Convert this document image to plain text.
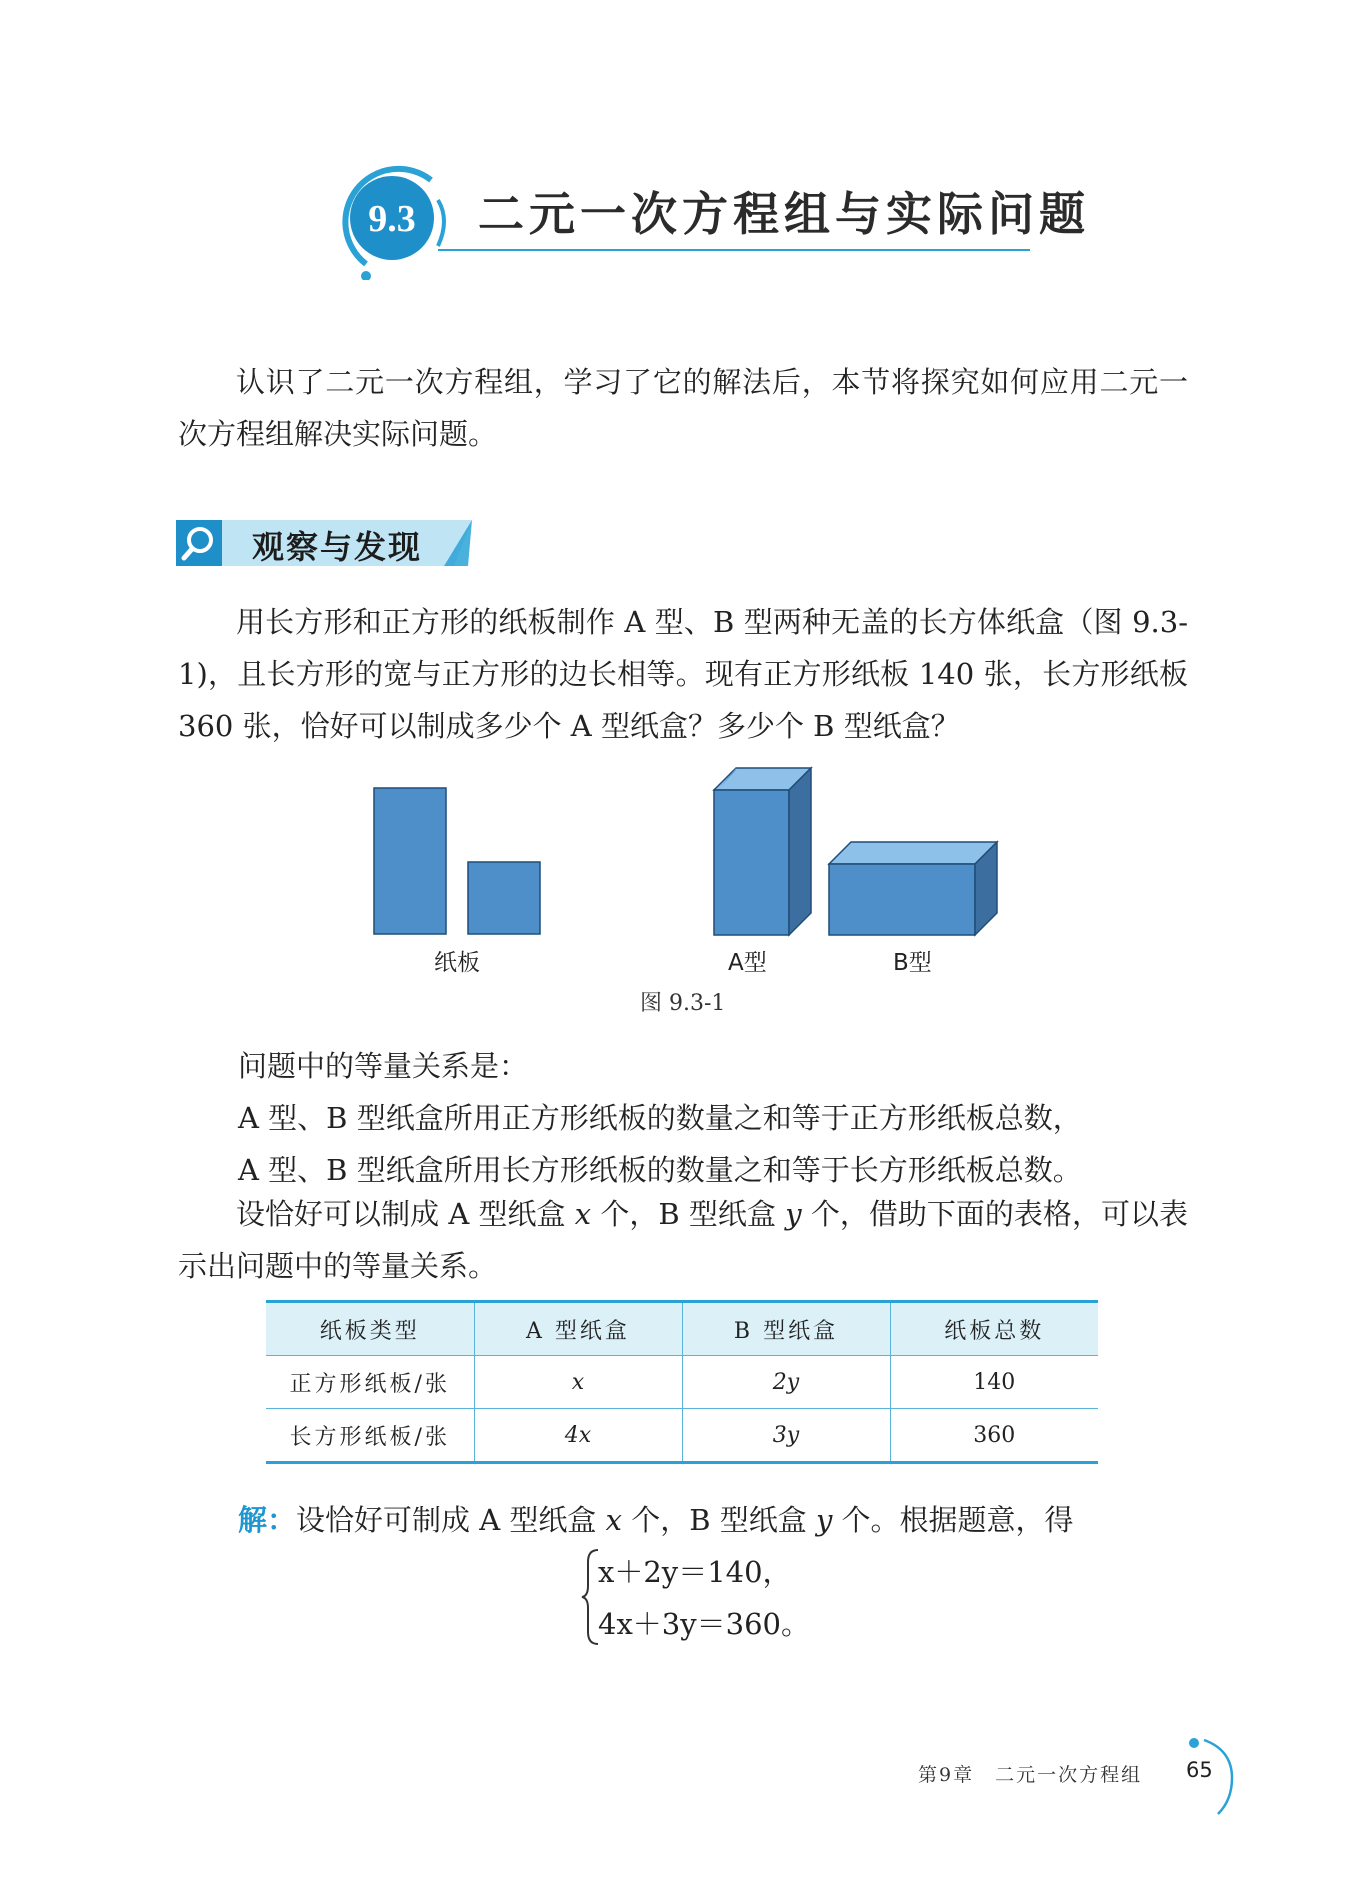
9.3 二元一次方程组与实际问题

认识了二元一次方程组，学习了它的解法后，本节将探究如何应用二元一次方程组解决实际问题。

观察与发现

用长方形和正方形的纸板制作 A 型、B 型两种无盖的长方体纸盒（图 9.3-1)，且长方形的宽与正方形的边长相等。现有正方形纸板 140 张，长方形纸板 360 张，恰好可以制成多少个 A 型纸盒？多少个 B 型纸盒？

纸板	A型	B型
图 9.3-1
问题中的等量关系是：
A 型、B 型纸盒所用正方形纸板的数量之和等于正方形纸板总数，
A 型、B 型纸盒所用长方形纸板的数量之和等于长方形纸板总数。

设恰好可以制成 A 型纸盒 x 个，B 型纸盒 y 个，借助下面的表格，可以表示出问题中的等量关系。

纸板类型	A 型纸盒	B 型纸盒	纸板总数
正方形纸板/张	x	2y	140
长方形纸板/张	4x	3y	360
解：设恰好可制成 A 型纸盒 x 个，B 型纸盒 y 个。根据题意，得
x＋2y＝140，
4x＋3y＝360。
第9章　二元一次方程组 65
